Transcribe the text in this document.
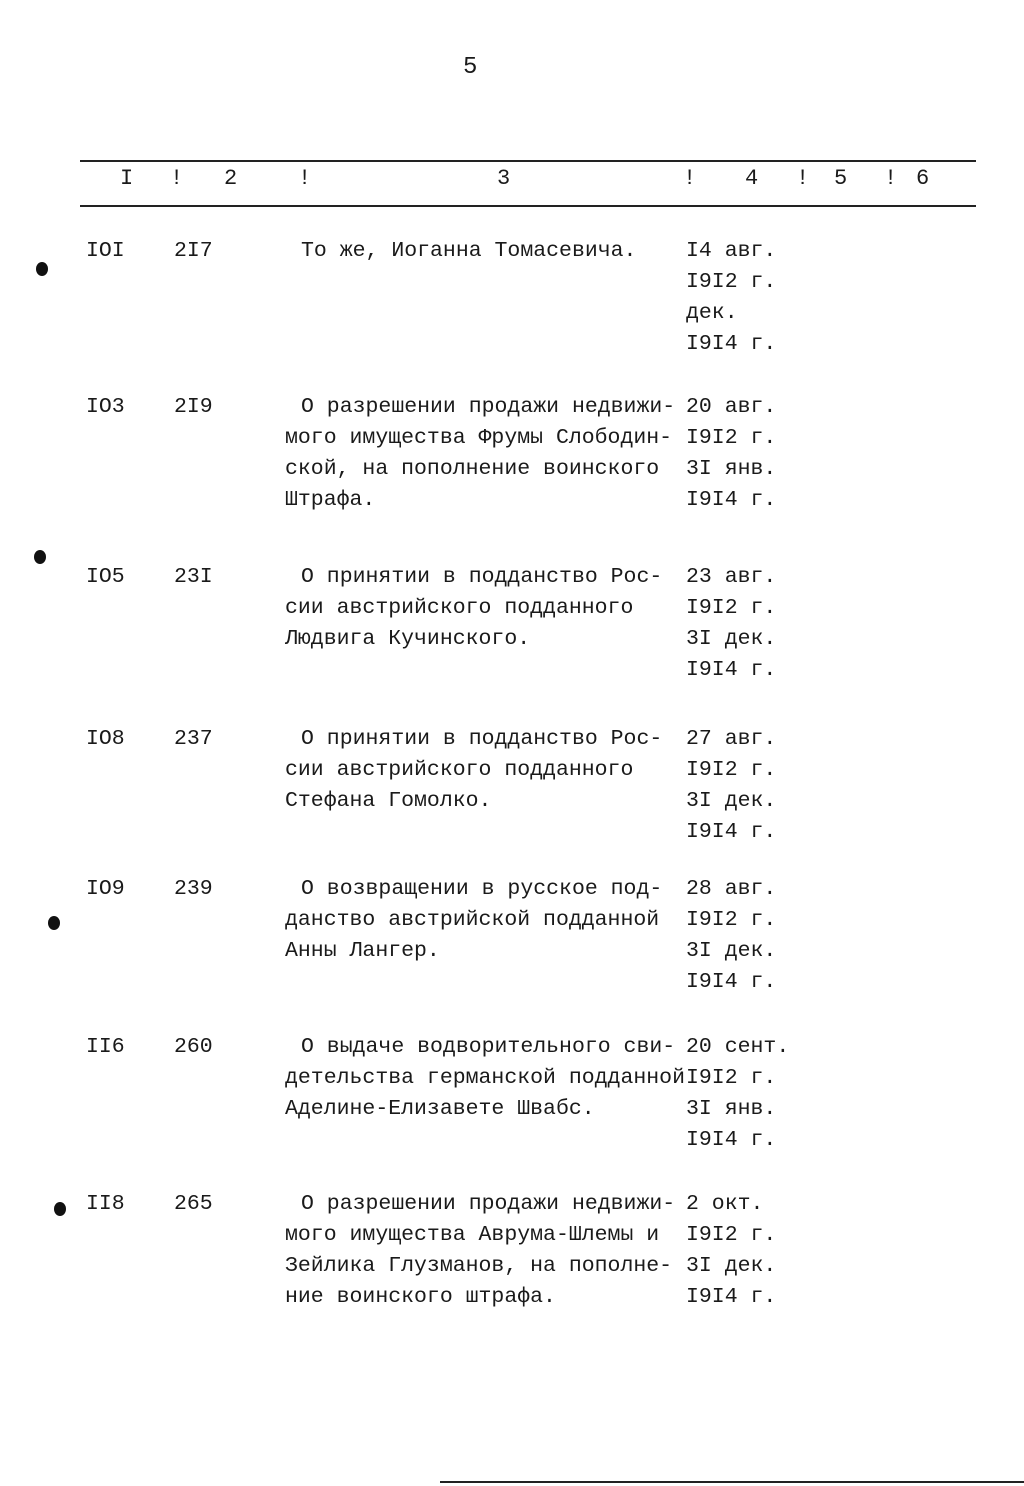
5
I ! 2	!	3	! 4 ! 5 ! 6
IOI 2I7	То же, Иоганна Томасевича. I4 авг.
I9I2 г.
дек.
I9I4 г.
IO3 2I9	О разрешении продажи недвижи-
мого имущества Фрумы Слободин-
ской, на пополнение воинского
Штрафа.
20 авг.
I9I2 г.
3I янв.
I9I4 г.
IO5 23I	О принятии в подданство Рос-
сии австрийского подданного
Людвига Кучинского.
23 авг.
I9I2 г.
3I дек.
I9I4 г.
IO8 237	О принятии в подданство Рос-
сии австрийского подданного
Стефана Гомолко.
27 авг.
I9I2 г.
3I дек.
I9I4 г.
IO9 239	О возвращении в русское под-
данство австрийской подданной
Анны Лангер.
28 авг.
I9I2 г.
3I дек.
I9I4 г.
II6 260	О выдаче водворительного сви-
детельства германской подданной
Аделине-Елизавете Швабс.
20 сент.
I9I2 г.
3I янв.
I9I4 г.
II8 265	О разрешении продажи недвижи-
мого имущества Аврума-Шлемы и
Зейлика Глузманов, на пополне-
ние воинского штрафа.
2 окт.
I9I2 г.
3I дек.
I9I4 г.
